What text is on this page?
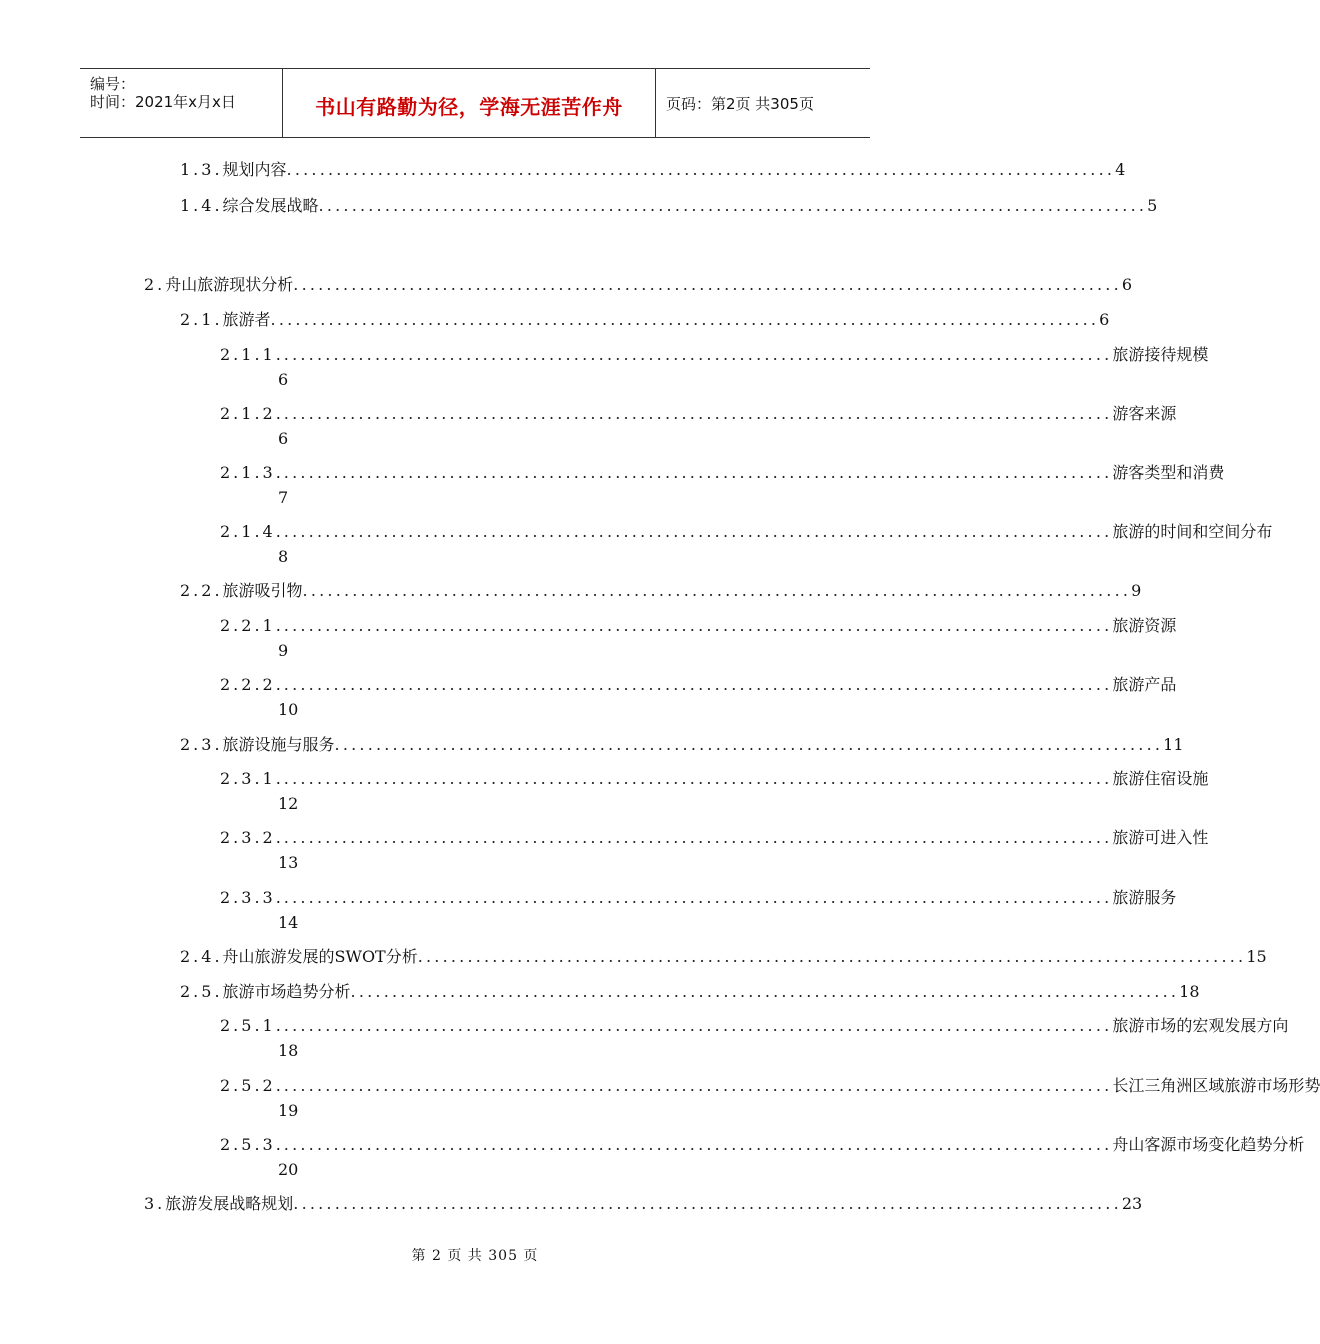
编号：
时间：2021年x月x日	书山有路勤为径，学海无涯苦作舟	页码：第2页 共305页
1.3. 规划内容 .................................................................................................... 4
1.4. 综合发展战略 .................................................................................................... 5
2. 舟山旅游现状分析 .................................................................................................... 6
2.1. 旅游者 .................................................................................................... 6
2.1.1. .................................................................................................... 旅游接待规模
6
2.1.2. .................................................................................................... 游客来源
6
2.1.3. .................................................................................................... 游客类型和消费
7
2.1.4. .................................................................................................... 旅游的时间和空间分布
8
2.2. 旅游吸引物 .................................................................................................... 9
2.2.1. .................................................................................................... 旅游资源
9
2.2.2. .................................................................................................... 旅游产品
10
2.3. 旅游设施与服务 .................................................................................................... 11
2.3.1. .................................................................................................... 旅游住宿设施
12
2.3.2. .................................................................................................... 旅游可进入性
13
2.3.3. .................................................................................................... 旅游服务
14
2.4. 舟山旅游发展的SWOT分析 .................................................................................................... 15
2.5. 旅游市场趋势分析 .................................................................................................... 18
2.5.1. .................................................................................................... 旅游市场的宏观发展方向
18
2.5.2. .................................................................................................... 长江三角洲区域旅游市场形势
19
2.5.3. .................................................................................................... 舟山客源市场变化趋势分析
20
3. 旅游发展战略规划 .................................................................................................... 23
第 2 页 共 305 页
